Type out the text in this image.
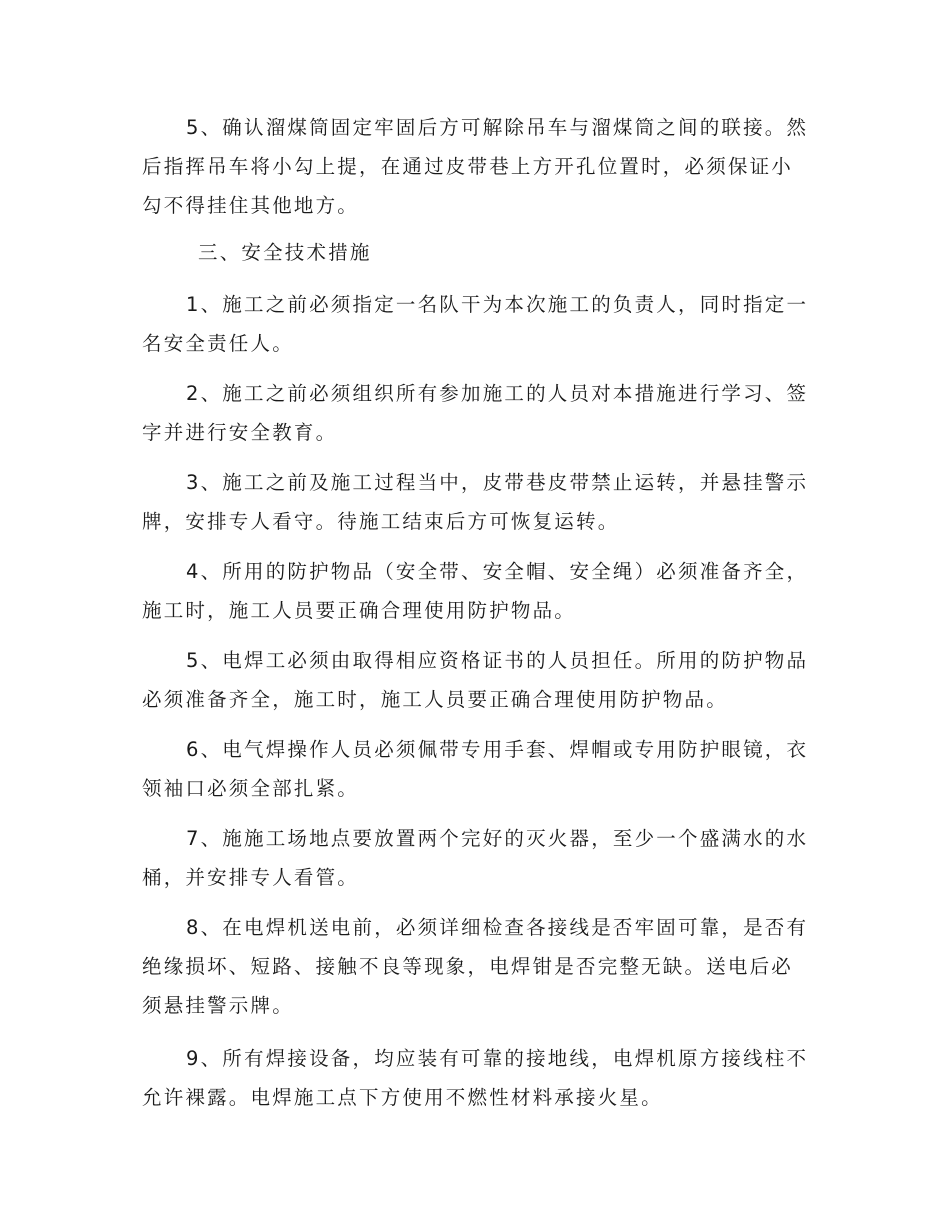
5、确认溜煤筒固定牢固后方可解除吊车与溜煤筒之间的联接。然后指挥吊车将小勾上提，在通过皮带巷上方开孔位置时，必须保证小勾不得挂住其他地方。

三、安全技术措施

1、施工之前必须指定一名队干为本次施工的负责人，同时指定一名安全责任人。

2、施工之前必须组织所有参加施工的人员对本措施进行学习、签字并进行安全教育。

3、施工之前及施工过程当中，皮带巷皮带禁止运转，并悬挂警示牌，安排专人看守。待施工结束后方可恢复运转。

4、所用的防护物品（安全带、安全帽、安全绳）必须准备齐全，施工时，施工人员要正确合理使用防护物品。

5、电焊工必须由取得相应资格证书的人员担任。所用的防护物品必须准备齐全，施工时，施工人员要正确合理使用防护物品。

6、电气焊操作人员必须佩带专用手套、焊帽或专用防护眼镜，衣领袖口必须全部扎紧。

7、施施工场地点要放置两个完好的灭火器，至少一个盛满水的水桶，并安排专人看管。

8、在电焊机送电前，必须详细检查各接线是否牢固可靠，是否有绝缘损坏、短路、接触不良等现象，电焊钳是否完整无缺。送电后必须悬挂警示牌。

9、所有焊接设备，均应装有可靠的接地线，电焊机原方接线柱不允许裸露。电焊施工点下方使用不燃性材料承接火星。
